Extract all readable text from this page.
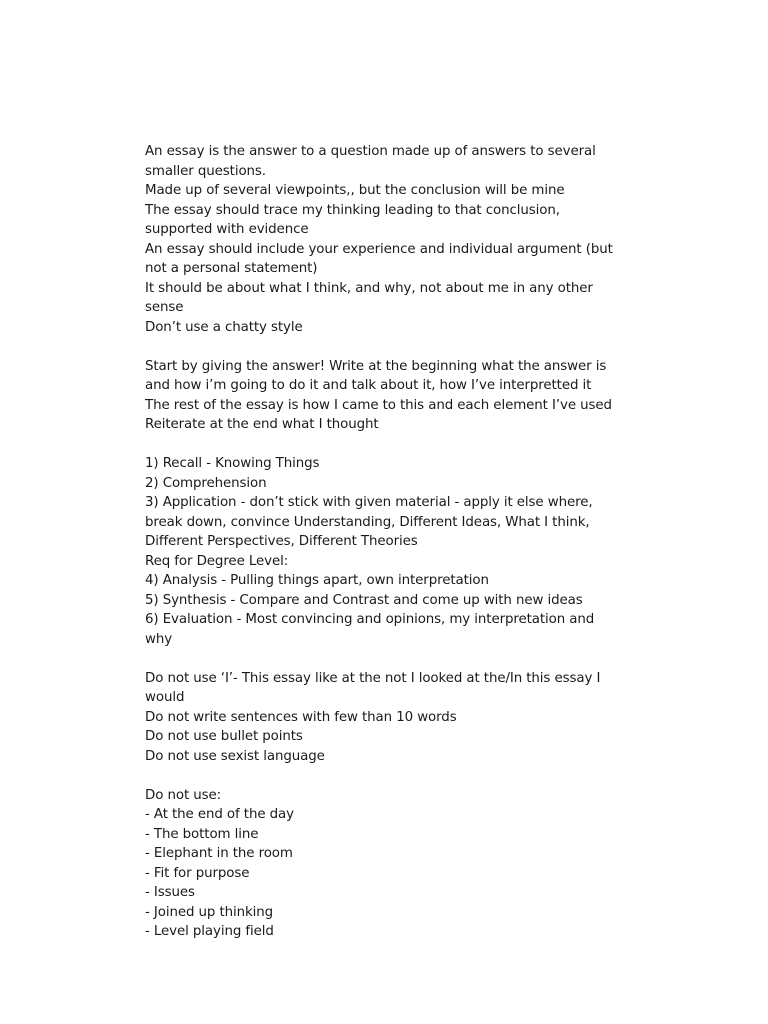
An essay is the answer to a question made up of answers to several smaller questions.
Made up of several viewpoints,, but the conclusion will be mine
The essay should trace my thinking leading to that conclusion, supported with evidence
An essay should include your experience and individual argument (but not a personal statement)
It should be about what I think, and why, not about me in any other sense
Don’t use a chatty style
Start by giving the answer! Write at the beginning what the answer is and how i’m going to do it and talk about it, how I’ve interpretted it
The rest of the essay is how I came to this and each element I’ve used
Reiterate at the end what I thought
1) Recall - Knowing Things
2) Comprehension
3) Application - don’t stick with given material - apply it else where, break down, convince Understanding, Different Ideas, What I think, Different Perspectives, Different Theories
Req for Degree Level:
4) Analysis - Pulling things apart, own interpretation
5) Synthesis - Compare and Contrast and come up with new ideas
6) Evaluation - Most convincing and opinions, my interpretation and why
Do not use ‘I’- This essay like at the not I looked at the/In this essay I would
Do not write sentences with few than 10 words
Do not use bullet points
Do not use sexist language
Do not use:
- At the end of the day
- The bottom line
- Elephant in the room
- Fit for purpose
- Issues
- Joined up thinking
- Level playing field
